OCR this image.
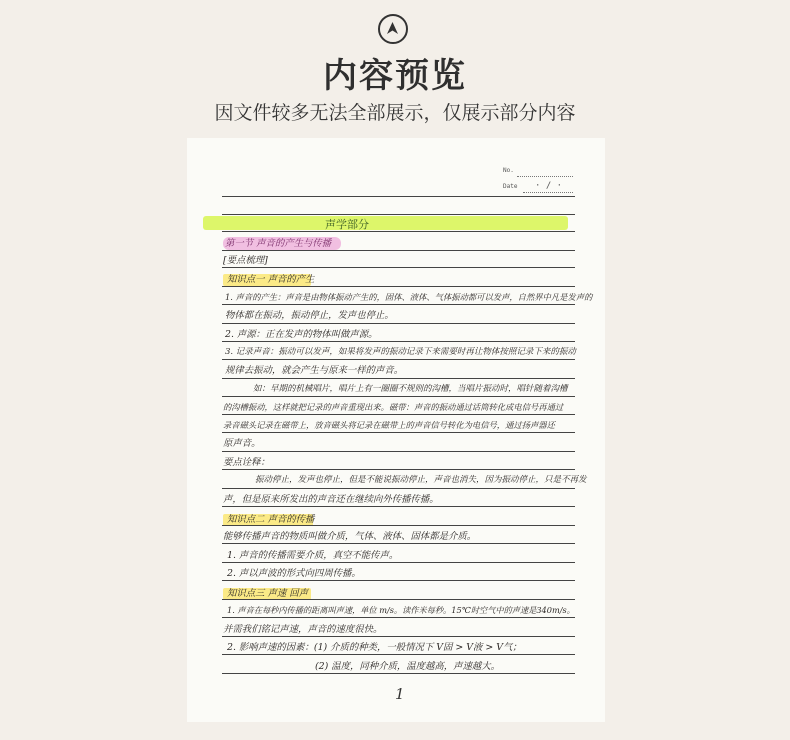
内容预览
因文件较多无法全部展示，仅展示部分内容
No.
Date · / ·
声学部分
第一节 声音的产生与传播
[要点梳理]
知识点一 声音的产生
1. 声音的产生：声音是由物体振动产生的，固体、液体、气体振动都可以发声，自然界中凡是发声的
物体都在振动，振动停止，发声也停止。
2. 声源：正在发声的物体叫做声源。
3. 记录声音：振动可以发声，如果将发声的振动记录下来需要时再让物体按照记录下来的振动
规律去振动，就会产生与原来一样的声音。
如：早期的机械唱片，唱片上有一圈圈不规则的沟槽，当唱片振动时，唱针随着沟槽
的沟槽振动，这样就把记录的声音重现出来。磁带：声音的振动通过话筒转化成电信号再通过
录音磁头记录在磁带上，放音磁头将记录在磁带上的声音信号转化为电信号，通过扬声器还
原声音。
要点诠释：
振动停止，发声也停止，但是不能说振动停止，声音也消失，因为振动停止，只是不再发
声，但是原来所发出的声音还在继续向外传播传播。
知识点二 声音的传播
能够传播声音的物质叫做介质，气体、液体、固体都是介质。
1. 声音的传播需要介质，真空不能传声。
2. 声以声波的形式向四周传播。
知识点三 声速 回声
1. 声音在每秒内传播的距离叫声速，单位 m/s。读作米每秒。15℃时空气中的声速是340m/s。
并需我们铭记声速，声音的速度很快。
2. 影响声速的因素：(1) 介质的种类，一般情况下 V固 > V液 > V气；
(2) 温度，同种介质，温度越高，声速越大。
1
